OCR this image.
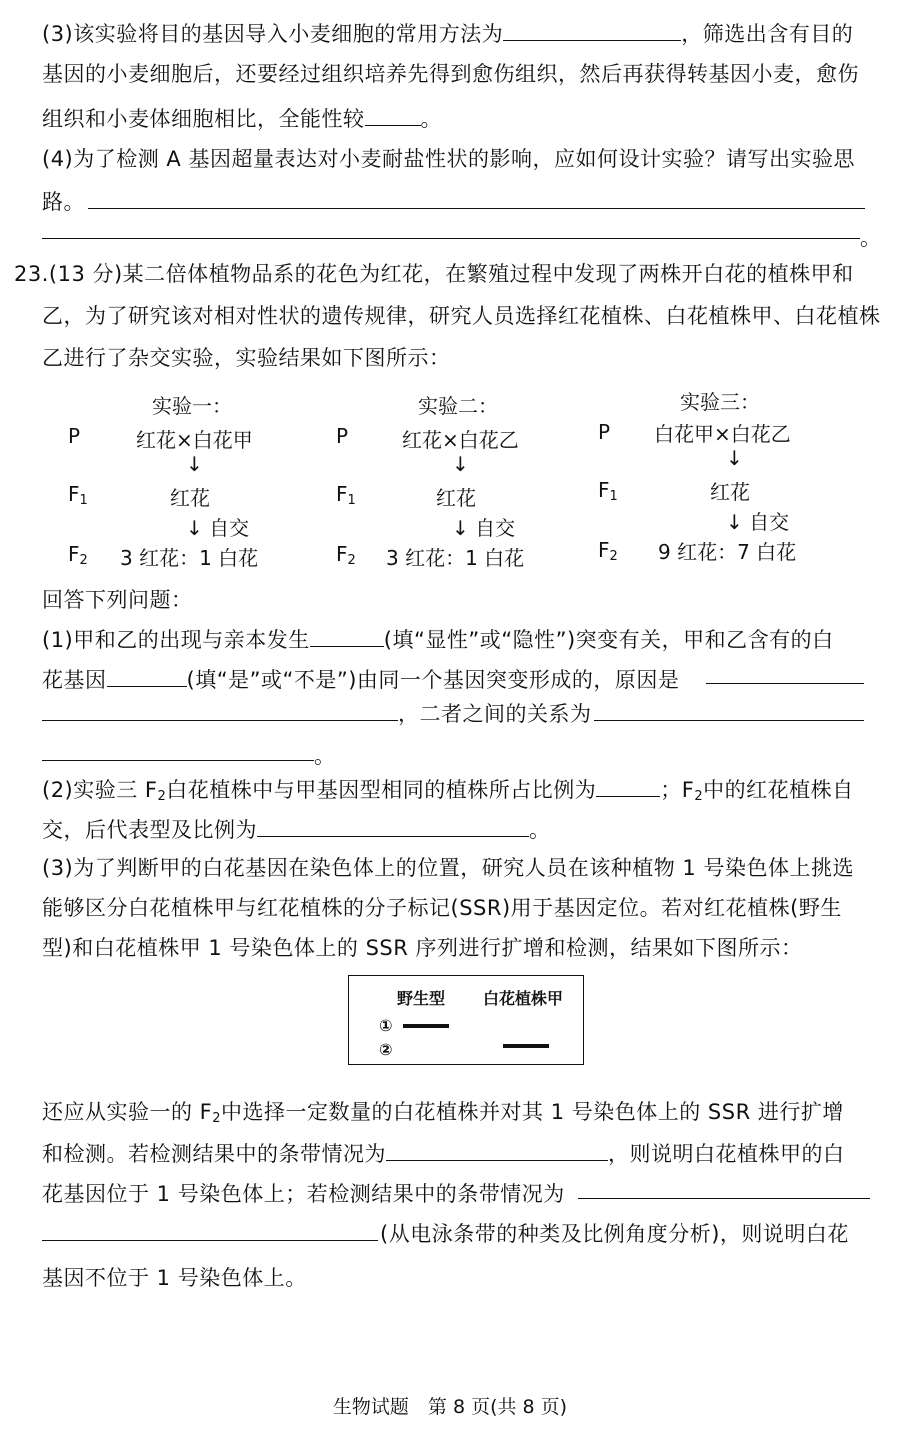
(3)该实验将目的基因导入小麦细胞的常用方法为	，筛选出含有目的
基因的小麦细胞后，还要经过组织培养先得到愈伤组织，然后再获得转基因小麦，愈伤
组织和小麦体细胞相比，全能性较	。
(4)为了检测 A 基因超量表达对小麦耐盐性状的影响，应如何设计实验？请写出实验思
路。
。
23.(13 分)某二倍体植物品系的花色为红花，在繁殖过程中发现了两株开白花的植株甲和
乙，为了研究该对相对性状的遗传规律，研究人员选择红花植株、白花植株甲、白花植株
乙进行了杂交实验，实验结果如下图所示：
实验一：
P	红花×白花甲
↓
$F_1$	红花
↓ 自交
$F_2$ 3 红花：1 白花
实验二：
P	红花×白花乙
↓
$F_1$	红花
↓ 自交
$F_2$ 3 红花：1 白花
实验三：
P 白花甲×白花乙
↓
$F_1$	红花
↓ 自交
$F_2$ 9 红花：7 白花
回答下列问题：
(1)甲和乙的出现与亲本发生	(填“显性”或“隐性”)突变有关，甲和乙含有的白
花基因	(填“是”或“不是”)由同一个基因突变形成的，原因是
，二者之间的关系为
。
(2)实验三 $F_2$白花植株中与甲基因型相同的植株所占比例为	；$F_2$中的红花植株自
交，后代表型及比例为	。
(3)为了判断甲的白花基因在染色体上的位置，研究人员在该种植物 1 号染色体上挑选
能够区分白花植株甲与红花植株的分子标记(SSR)用于基因定位。若对红花植株(野生
型)和白花植株甲 1 号染色体上的 SSR 序列进行扩增和检测，结果如下图所示：
野生型 白花植株甲
①
②
还应从实验一的 $F_2$中选择一定数量的白花植株并对其 1 号染色体上的 SSR 进行扩增
和检测。若检测结果中的条带情况为	，则说明白花植株甲的白
花基因位于 1 号染色体上；若检测结果中的条带情况为
(从电泳条带的种类及比例角度分析)，则说明白花
基因不位于 1 号染色体上。
生物试题　第 8 页(共 8 页)
